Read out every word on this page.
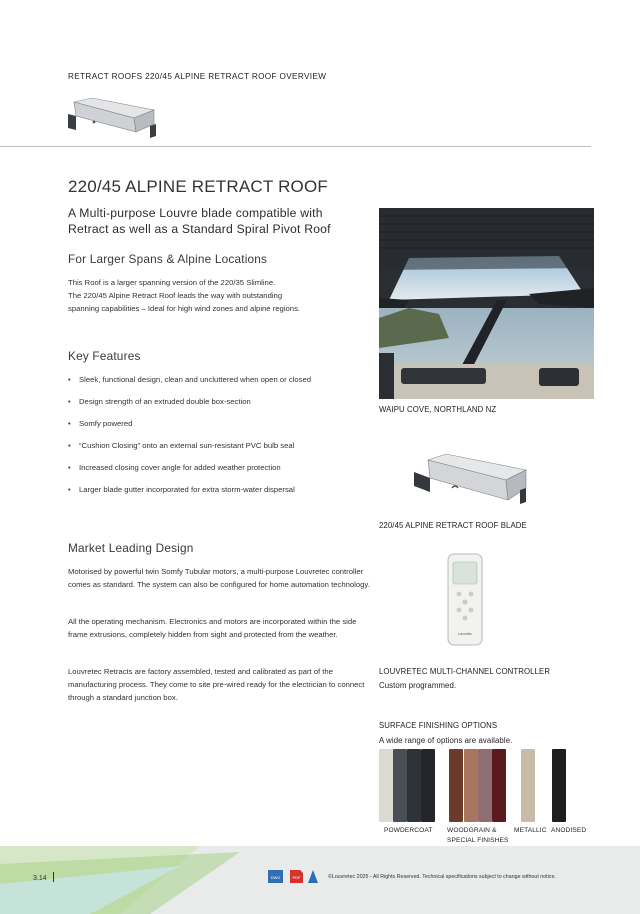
RETRACT ROOFS 220/45 ALPINE RETRACT ROOF OVERVIEW
220/45 ALPINE RETRACT ROOF
A Multi-purpose Louvre blade compatible with
Retract as well as a Standard Spiral Pivot Roof
For Larger Spans & Alpine Locations
This Roof is a larger spanning version of the 220/35 Slimline.
The 220/45 Alpine Retract Roof leads the way with outstanding
spanning capabilities – Ideal for high wind zones and alpine regions.
Key Features
• Sleek, functional design, clean and uncluttered when open or closed
• Design strength of an extruded double box-section
• Somfy powered
• “Cushion Closing” onto an external sun-resistant PVC bulb seal
• Increased closing cover angle for added weather protection
• Larger blade gutter incorporated for extra storm-water dispersal
Market Leading Design
Motorised by powerful twin Somfy Tubular motors, a multi-purpose Louvretec controller comes as standard. The system can also be configured for home automation technology.
All the operating mechanism. Electronics and motors are incorporated within the side frame extrusions, completely hidden from sight and protected from the weather.
Louvretec Retracts are factory assembled, tested and calibrated as part of the manufacturing process. They come to site pre-wired ready for the electrician to connect through a standard junction box.
WAIPU COVE, NORTHLAND NZ
220/45 ALPINE RETRACT ROOF BLADE
Louvretec
LOUVRETEC MULTI-CHANNEL CONTROLLER
Custom programmed.
SURFACE FINISHING OPTIONS
A wide range of options are available.
POWDERCOAT WOODGRAIN &
SPECIAL FINISHES
METALLIC ANODISED
3.14	DWG	PDF	©Louvretec 2025 - All Rights Reserved. Technical specifications subject to change without notice.
